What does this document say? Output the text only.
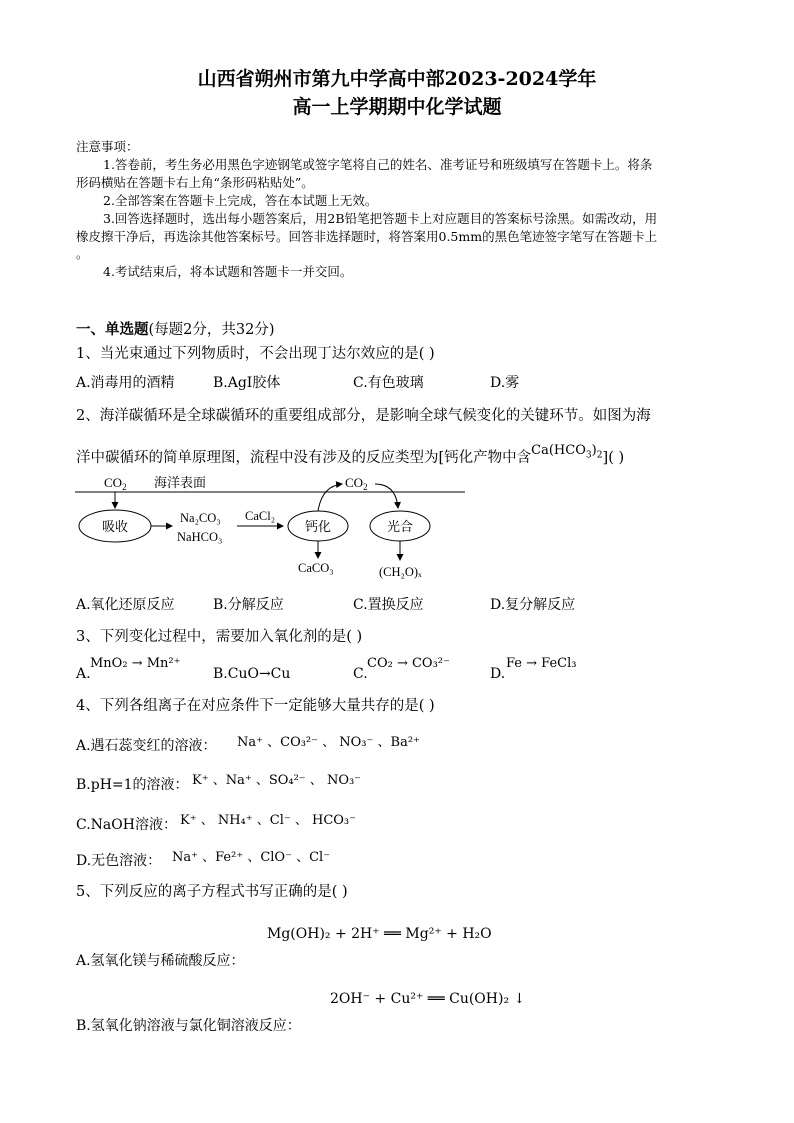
山西省朔州市第九中学高中部2023-2024学年
高一上学期期中化学试题
注意事项：
1.答卷前，考生务必用黑色字迹钢笔或签字笔将自己的姓名、准考证号和班级填写在答题卡上。将条
形码横贴在答题卡右上角“条形码粘贴处”。
2.全部答案在答题卡上完成，答在本试题上无效。
3.回答选择题时，选出每小题答案后，用2B铅笔把答题卡上对应题目的答案标号涂黑。如需改动，用
橡皮擦干净后，再选涂其他答案标号。回答非选择题时，将答案用0.5mm的黑色笔迹签字笔写在答题卡上
。
4.考试结束后，将本试题和答题卡一并交回。
一、单选题(每题2分，共32分)
1、当光束通过下列物质时，不会出现丁达尔效应的是( )
A.消毒用的酒精	B.AgI胶体	C.有色玻璃	D.雾
2、海洋碳循环是全球碳循环的重要组成部分，是影响全球气候变化的关键环节。如图为海
洋中碳循环的简单原理图，流程中没有涉及的反应类型为[钙化产物中含$Ca(HCO_3)_2$]( )
$CO_2$ 海洋表面
吸收
Na₂CO₃
NaHCO₃
CaCl₂
钙化
CaCO₃
$CO_2$
光合
(CH₂O)ₓ
A.氧化还原反应	B.分解反应	C.置换反应	D.复分解反应
3、下列变化过程中，需要加入氧化剂的是( )
A.
MnO₂ → Mn²⁺
B.CuO→Cu	C.
CO₂ → CO₃²⁻
D.
Fe → FeCl₃
4、下列各组离子在对应条件下一定能够大量共存的是( )
A.遇石蕊变红的溶液： Na⁺ 、CO₃²⁻ 、 NO₃⁻ 、Ba²⁺
B.pH=1的溶液： K⁺ 、Na⁺ 、SO₄²⁻ 、 NO₃⁻
C.NaOH溶液： K⁺ 、 NH₄⁺ 、Cl⁻ 、 HCO₃⁻
D.无色溶液： Na⁺ 、Fe²⁺ 、ClO⁻ 、Cl⁻
5、下列反应的离子方程式书写正确的是( )
Mg(OH)₂ + 2H⁺ ══ Mg²⁺ + H₂O
A.氢氧化镁与稀硫酸反应：
2OH⁻ + Cu²⁺ ══ Cu(OH)₂ ↓
B.氢氧化钠溶液与氯化铜溶液反应：
